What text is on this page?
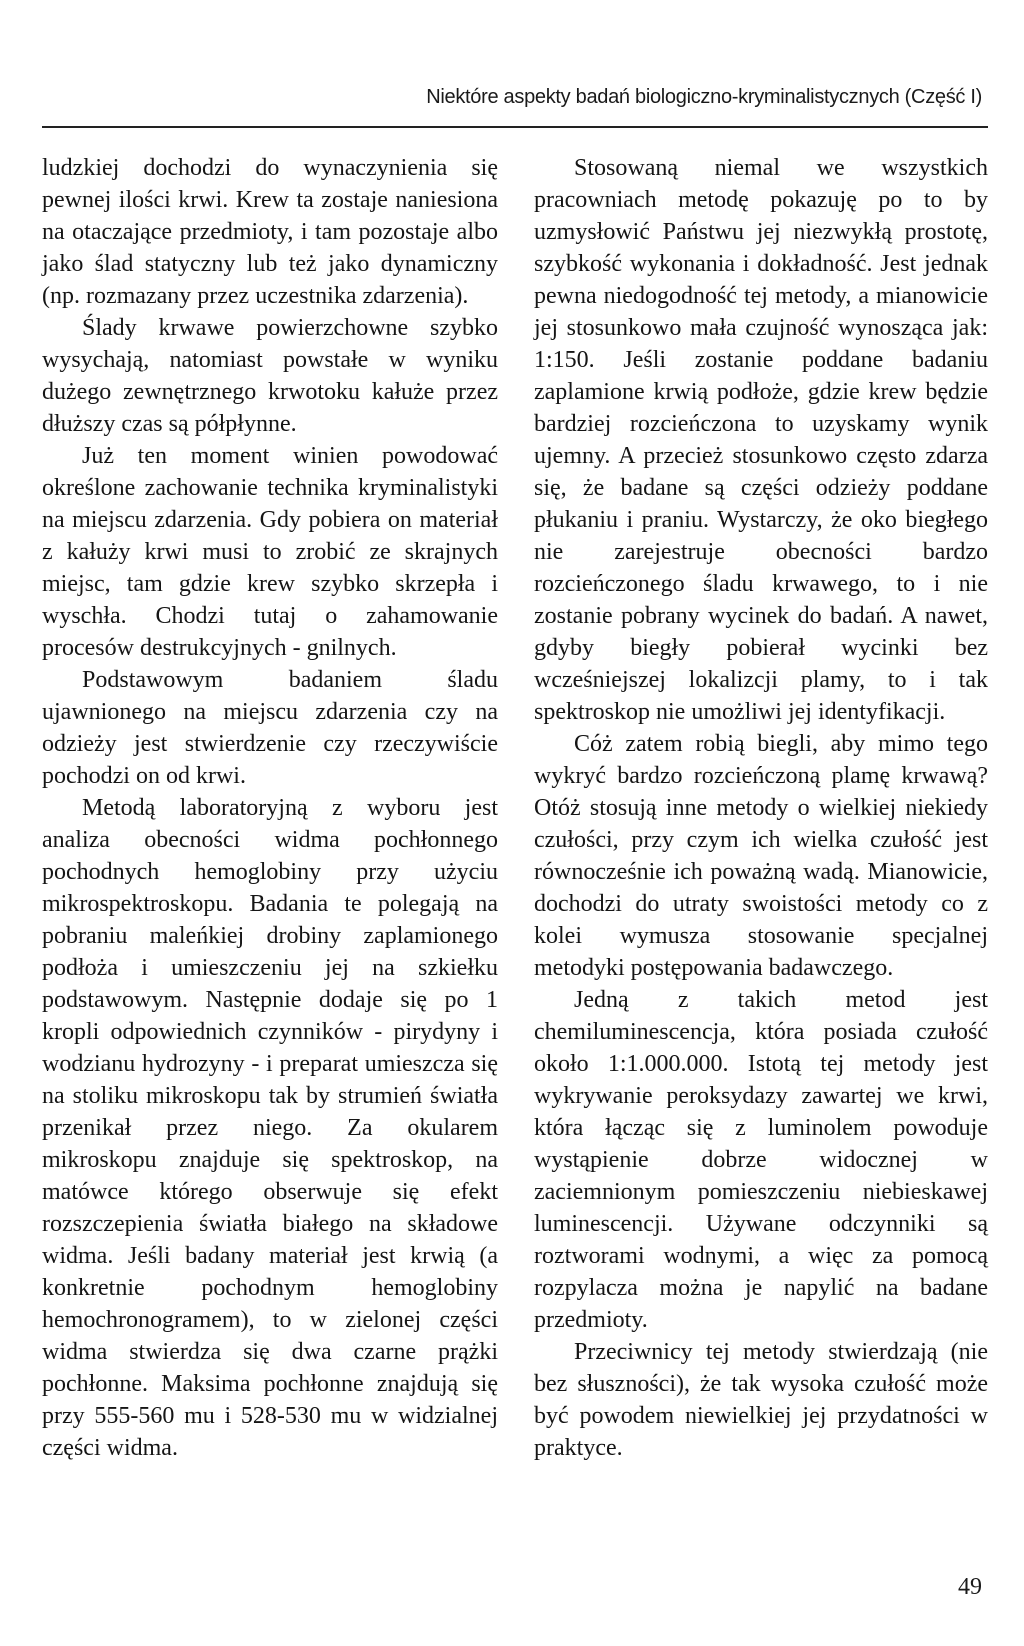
Niektóre aspekty badań biologiczno-kryminalistycznych (Część I)

ludzkiej dochodzi do wynaczynienia się pewnej ilości krwi. Krew ta zostaje naniesiona na otaczające przedmioty, i tam pozostaje albo jako ślad statyczny lub też jako dynamiczny (np. rozmazany przez uczestnika zdarzenia).

Ślady krwawe powierzchowne szybko wysychają, natomiast powstałe w wyniku dużego zewnętrznego krwotoku kałuże przez dłuższy czas są półpłynne.

Już ten moment winien powodować określone zachowanie technika kryminalistyki na miejscu zdarzenia. Gdy pobiera on materiał z kałuży krwi musi to zrobić ze skrajnych miejsc, tam gdzie krew szybko skrzepła i wyschła. Chodzi tutaj o zahamowanie procesów destrukcyjnych - gnilnych.

Podstawowym badaniem śladu ujawnionego na miejscu zdarzenia czy na odzieży jest stwierdzenie czy rzeczywiście pochodzi on od krwi.

Metodą laboratoryjną z wyboru jest analiza obecności widma pochłonnego pochodnych hemoglobiny przy użyciu mikrospektroskopu. Badania te polegają na pobraniu maleńkiej drobiny zaplamionego podłoża i umieszczeniu jej na szkiełku podstawowym. Następnie dodaje się po 1 kropli odpowiednich czynników - pirydyny i wodzianu hydrozyny - i preparat umieszcza się na stoliku mikroskopu tak by strumień światła przenikał przez niego. Za okularem mikroskopu znajduje się spektroskop, na matówce którego obserwuje się efekt rozszczepienia światła białego na składowe widma. Jeśli badany materiał jest krwią (a konkretnie pochodnym hemoglobiny hemochronogramem), to w zielonej części widma stwierdza się dwa czarne prążki pochłonne. Maksima pochłonne znajdują się przy 555-560 mu i 528-530 mu w widzialnej części widma.

Stosowaną niemal we wszystkich pracowniach metodę pokazuję po to by uzmysłowić Państwu jej niezwykłą prostotę, szybkość wykonania i dokładność. Jest jednak pewna niedogodność tej metody, a mianowicie jej stosunkowo mała czujność wynosząca jak: 1:150. Jeśli zostanie poddane badaniu zaplamione krwią podłoże, gdzie krew będzie bardziej rozcieńczona to uzyskamy wynik ujemny. A przecież stosunkowo często zdarza się, że badane są części odzieży poddane płukaniu i praniu. Wystarczy, że oko biegłego nie zarejestruje obecności bardzo rozcieńczonego śladu krwawego, to i nie zostanie pobrany wycinek do badań. A nawet, gdyby biegły pobierał wycinki bez wcześniejszej lokalizcji plamy, to i tak spektroskop nie umożliwi jej identyfikacji.

Cóż zatem robią biegli, aby mimo tego wykryć bardzo rozcieńczoną plamę krwawą? Otóż stosują inne metody o wielkiej niekiedy czułości, przy czym ich wielka czułość jest równocześnie ich poważną wadą. Mianowicie, dochodzi do utraty swoistości metody co z kolei wymusza stosowanie specjalnej metodyki postępowania badawczego.

Jedną z takich metod jest chemiluminescencja, która posiada czułość około 1:1.000.000. Istotą tej metody jest wykrywanie peroksydazy zawartej we krwi, która łącząc się z luminolem powoduje wystąpienie dobrze widocznej w zaciemnionym pomieszczeniu niebieskawej luminescencji. Używane odczynniki są roztworami wodnymi, a więc za pomocą rozpylacza można je napylić na badane przedmioty.

Przeciwnicy tej metody stwierdzają (nie bez słuszności), że tak wysoka czułość może być powodem niewielkiej jej przydatności w praktyce.

49
